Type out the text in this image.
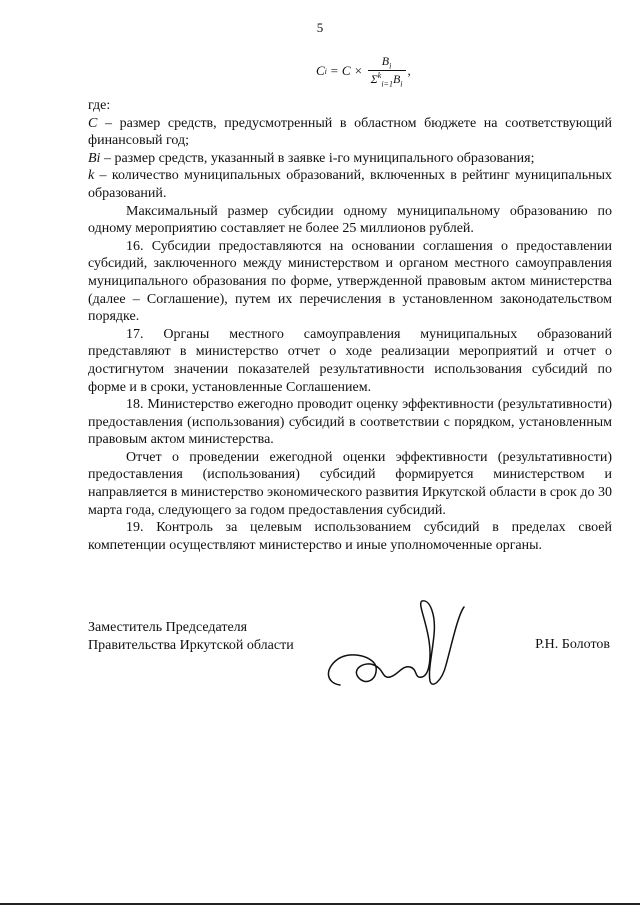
5
C $i = C \times \frac{B_i}{\Sigma^k_{i=1}B_i}$ ,

где:

C – размер средств, предусмотренный в областном бюджете на соответствующий финансовый год;

Bi – размер средств, указанный в заявке i-го муниципального образования;

k – количество муниципальных образований, включенных в рейтинг муниципальных образований.

Максимальный размер субсидии одному муниципальному образованию по одному мероприятию составляет не более 25 миллионов рублей.

16. Субсидии предоставляются на основании соглашения о предоставлении субсидий, заключенного между министерством и органом местного самоуправления муниципального образования по форме, утвержденной правовым актом министерства (далее – Соглашение), путем их перечисления в установленном законодательством порядке.

17. Органы местного самоуправления муниципальных образований представляют в министерство отчет о ходе реализации мероприятий и отчет о достигнутом значении показателей результативности использования субсидий по форме и в сроки, установленные Соглашением.

18. Министерство ежегодно проводит оценку эффективности (результативности) предоставления (использования) субсидий в соответствии с порядком, установленным правовым актом министерства.

Отчет о проведении ежегодной оценки эффективности (результативности) предоставления (использования) субсидий формируется министерством и направляется в министерство экономического развития Иркутской области в срок до 30 марта года, следующего за годом предоставления субсидий.

19. Контроль за целевым использованием субсидий в пределах своей компетенции осуществляют министерство и иные уполномоченные органы.

Заместитель Председателя
Правительства Иркутской области	Р.Н. Болотов
